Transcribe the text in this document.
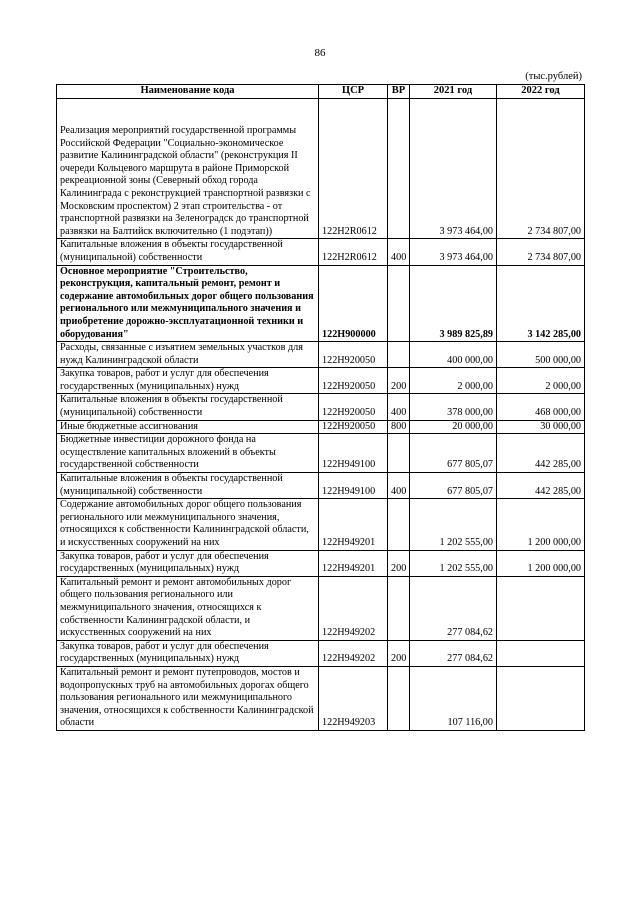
86
(тыс.рублей)
Наименование кода	ЦСР	ВР	2021 год	2022 год
Реализация мероприятий государственной программы Российской Федерации "Социально-экономическое развитие Калининградской области" (реконструкция II очереди Кольцевого маршрута в районе Приморской рекреационной зоны (Северный обход города Калининграда с реконструкцией транспортной развязки с Московским проспектом) 2 этап строительства - от транспортной развязки на Зеленоградск до транспортной развязки на Балтийск включительно (1 подэтап))	122H2R0612		3 973 464,00	2 734 807,00
Капитальные вложения в объекты государственной (муниципальной) собственности	122H2R0612	400	3 973 464,00	2 734 807,00
Основное мероприятие "Строительство, реконструкция, капитальный ремонт, ремонт и содержание автомобильных дорог общего пользования регионального или межмуниципального значения и приобретение дорожно-эксплуатационной техники и оборудования"	122H900000		3 989 825,89	3 142 285,00
Расходы, связанные с изъятием земельных участков для нужд Калининградской области	122H920050		400 000,00	500 000,00
Закупка товаров, работ и услуг для обеспечения государственных (муниципальных) нужд	122H920050	200	2 000,00	2 000,00
Капитальные вложения в объекты государственной (муниципальной) собственности	122H920050	400	378 000,00	468 000,00
Иные бюджетные ассигнования	122H920050	800	20 000,00	30 000,00
Бюджетные инвестиции дорожного фонда на осуществление капитальных вложений в объекты государственной собственности	122H949100		677 805,07	442 285,00
Капитальные вложения в объекты государственной (муниципальной) собственности	122H949100	400	677 805,07	442 285,00
Содержание автомобильных дорог общего пользования регионального или межмуниципального значения, относящихся к собственности Калининградской области, и искусственных сооружений на них	122H949201		1 202 555,00	1 200 000,00
Закупка товаров, работ и услуг для обеспечения государственных (муниципальных) нужд	122H949201	200	1 202 555,00	1 200 000,00
Капитальный ремонт и ремонт автомобильных дорог общего пользования регионального или межмуниципального значения, относящихся к собственности Калининградской области, и искусственных сооружений на них	122H949202		277 084,62	
Закупка товаров, работ и услуг для обеспечения государственных (муниципальных) нужд	122H949202	200	277 084,62	
Капитальный ремонт и ремонт путепроводов, мостов и водопропускных труб на автомобильных дорогах общего пользования регионального или межмуниципального значения, относящихся к собственности Калининградской области	122H949203		107 116,00	
